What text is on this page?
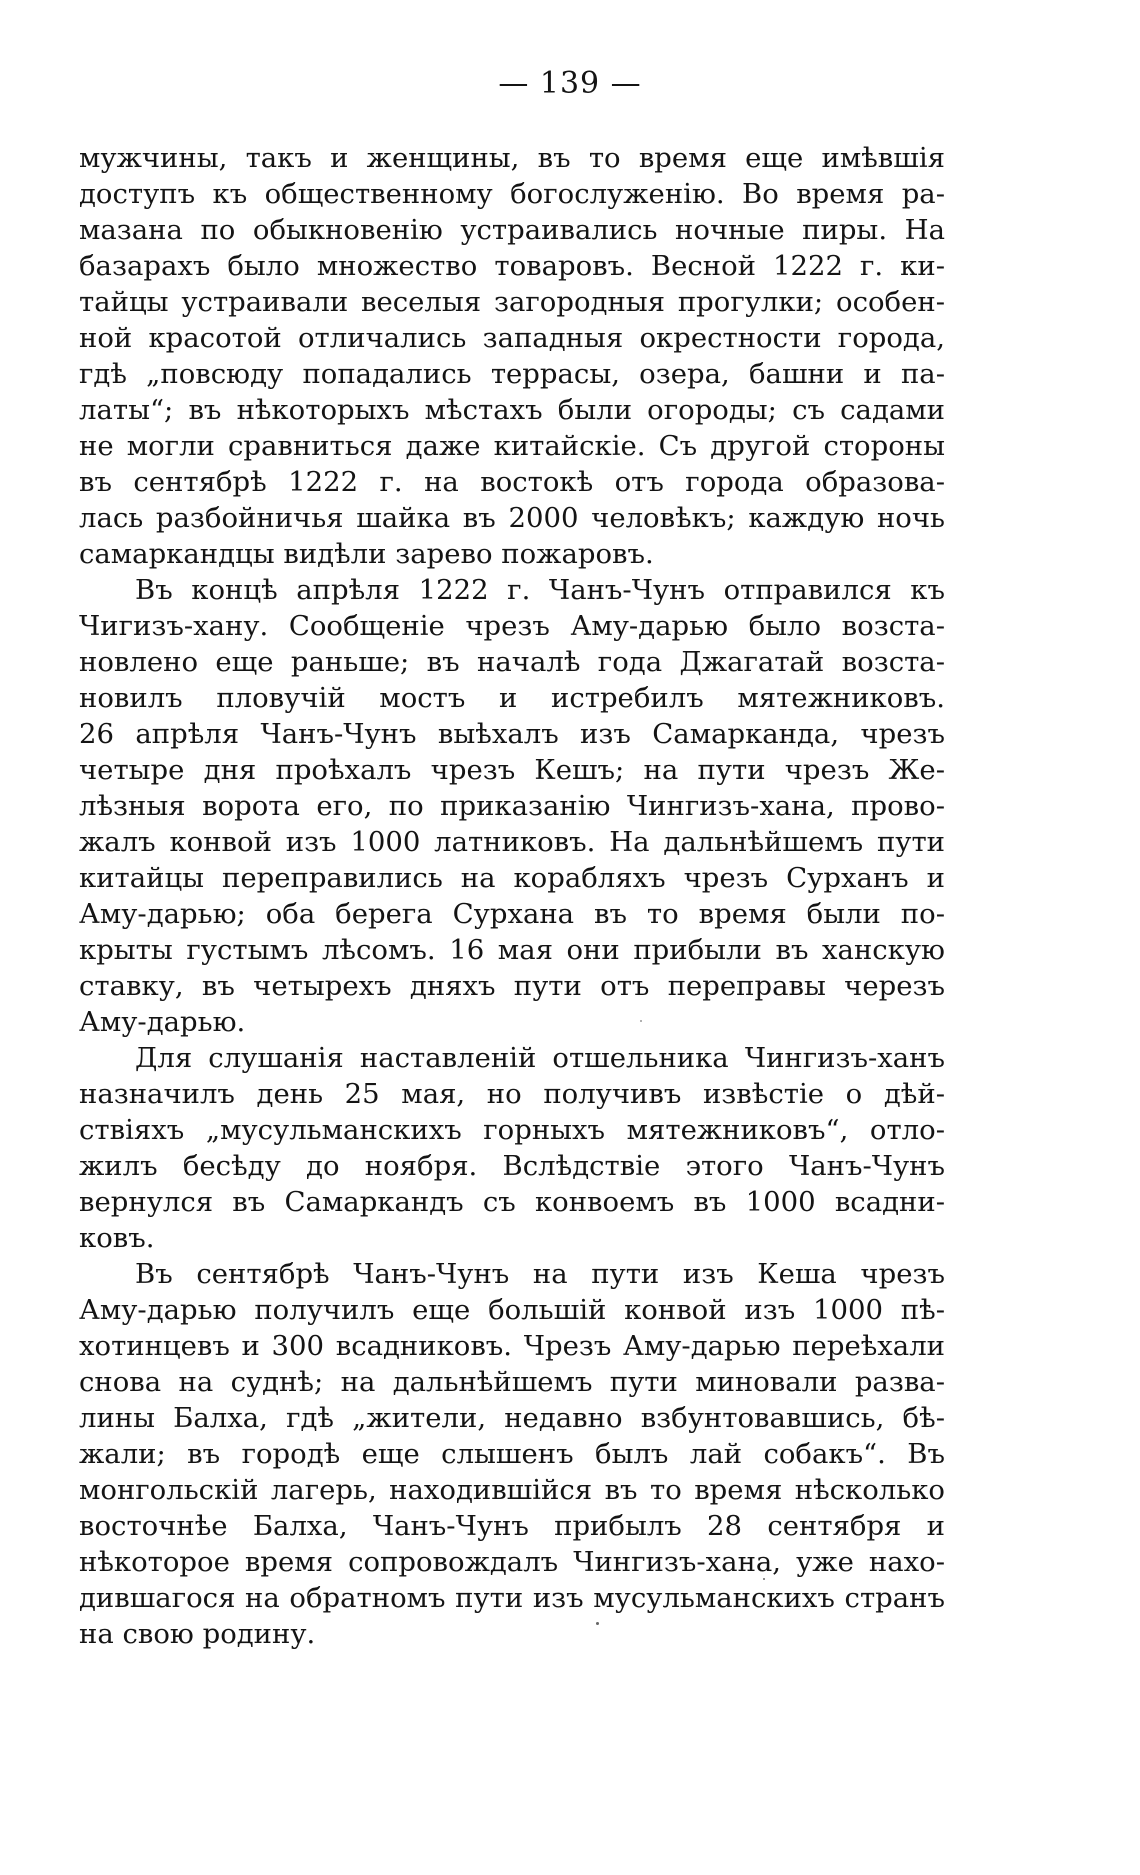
— 139 —
мужчины, такъ и женщины, въ то время еще имѣвшія
доступъ къ общественному богослуженію. Во время ра-
мазана по обыкновенію устраивались ночные пиры. На
базарахъ было множество товаровъ. Весной 1222 г. ки-
тайцы устраивали веселыя загородныя прогулки; особен-
ной красотой отличались западныя окрестности города,
гдѣ „повсюду попадались террасы, озера, башни и па-
латы“; въ нѣкоторыхъ мѣстахъ были огороды; съ садами
не могли сравниться даже китайскіе. Съ другой стороны
въ сентябрѣ 1222 г. на востокѣ отъ города образова-
лась разбойничья шайка въ 2000 человѣкъ; каждую ночь
самаркандцы видѣли зарево пожаровъ.
Въ концѣ апрѣля 1222 г. Чанъ-Чунъ отправился къ
Чигизъ-хану. Сообщеніе чрезъ Аму-дарью было возста-
новлено еще раньше; въ началѣ года Джагатай возста-
новилъ пловучій мостъ и истребилъ мятежниковъ.
26 апрѣля Чанъ-Чунъ выѣхалъ изъ Самарканда, чрезъ
четыре дня проѣхалъ чрезъ Кешъ; на пути чрезъ Же-
лѣзныя ворота его, по приказанію Чингизъ-хана, прово-
жалъ конвой изъ 1000 латниковъ. На дальнѣйшемъ пути
китайцы переправились на корабляхъ чрезъ Сурханъ и
Аму-дарью; оба берега Сурхана въ то время были по-
крыты густымъ лѣсомъ. 16 мая они прибыли въ ханскую
ставку, въ четырехъ дняхъ пути отъ переправы черезъ
Аму-дарью.
Для слушанія наставленій отшельника Чингизъ-ханъ
назначилъ день 25 мая, но получивъ извѣстіе о дѣй-
ствіяхъ „мусульманскихъ горныхъ мятежниковъ“, отло-
жилъ бесѣду до ноября. Вслѣдствіе этого Чанъ-Чунъ
вернулся въ Самаркандъ съ конвоемъ въ 1000 всадни-
ковъ.
Въ сентябрѣ Чанъ-Чунъ на пути изъ Кеша чрезъ
Аму-дарью получилъ еще большій конвой изъ 1000 пѣ-
хотинцевъ и 300 всадниковъ. Чрезъ Аму-дарью переѣхали
снова на суднѣ; на дальнѣйшемъ пути миновали разва-
лины Балха, гдѣ „жители, недавно взбунтовавшись, бѣ-
жали; въ городѣ еще слышенъ былъ лай собакъ“. Въ
монгольскій лагерь, находившійся въ то время нѣсколько
восточнѣе Балха, Чанъ-Чунъ прибылъ 28 сентября и
нѣкоторое время сопровождалъ Чингизъ-хана, уже нахо-
дившагося на обратномъ пути изъ мусульманскихъ странъ
на свою родину.
